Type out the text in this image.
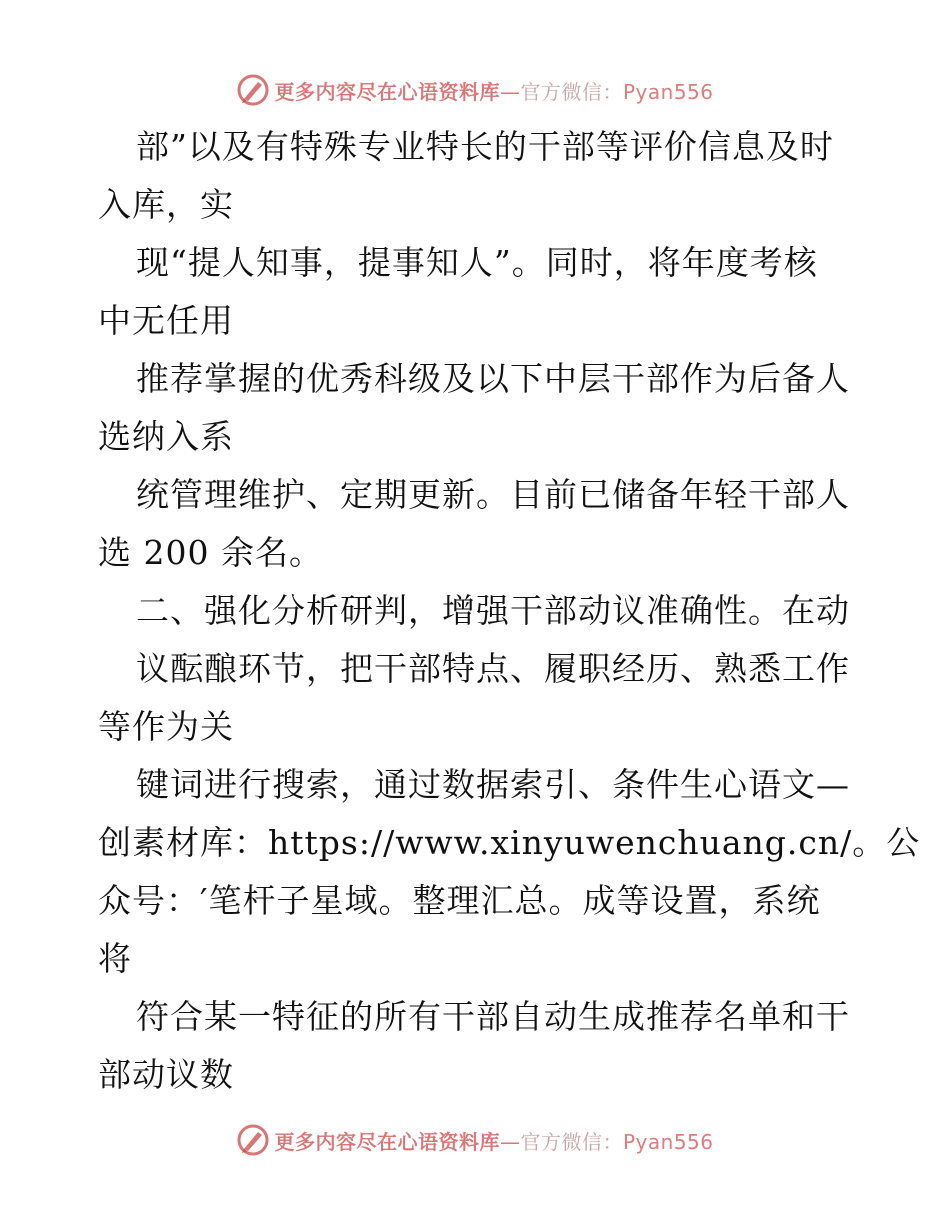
更多内容尽在心语资料库—官方微信：Pyan556
部”以及有特殊专业特长的干部等评价信息及时
入库，实
现“提人知事，提事知人”。同时，将年度考核
中无任用
推荐掌握的优秀科级及以下中层干部作为后备人
选纳入系
统管理维护、定期更新。目前已储备年轻干部人
选 200 余名。
二、强化分析研判，增强干部动议准确性。在动
议酝酿环节，把干部特点、履职经历、熟悉工作
等作为关
键词进行搜索，通过数据索引、条件生心语文—
创素材库：https://www.xinyuwenchuang.cn/。公
众号：′笔杆子星域。整理汇总。成等设置，系统
将
符合某一特征的所有干部自动生成推荐名单和干
部动议数
更多内容尽在心语资料库—官方微信：Pyan556
